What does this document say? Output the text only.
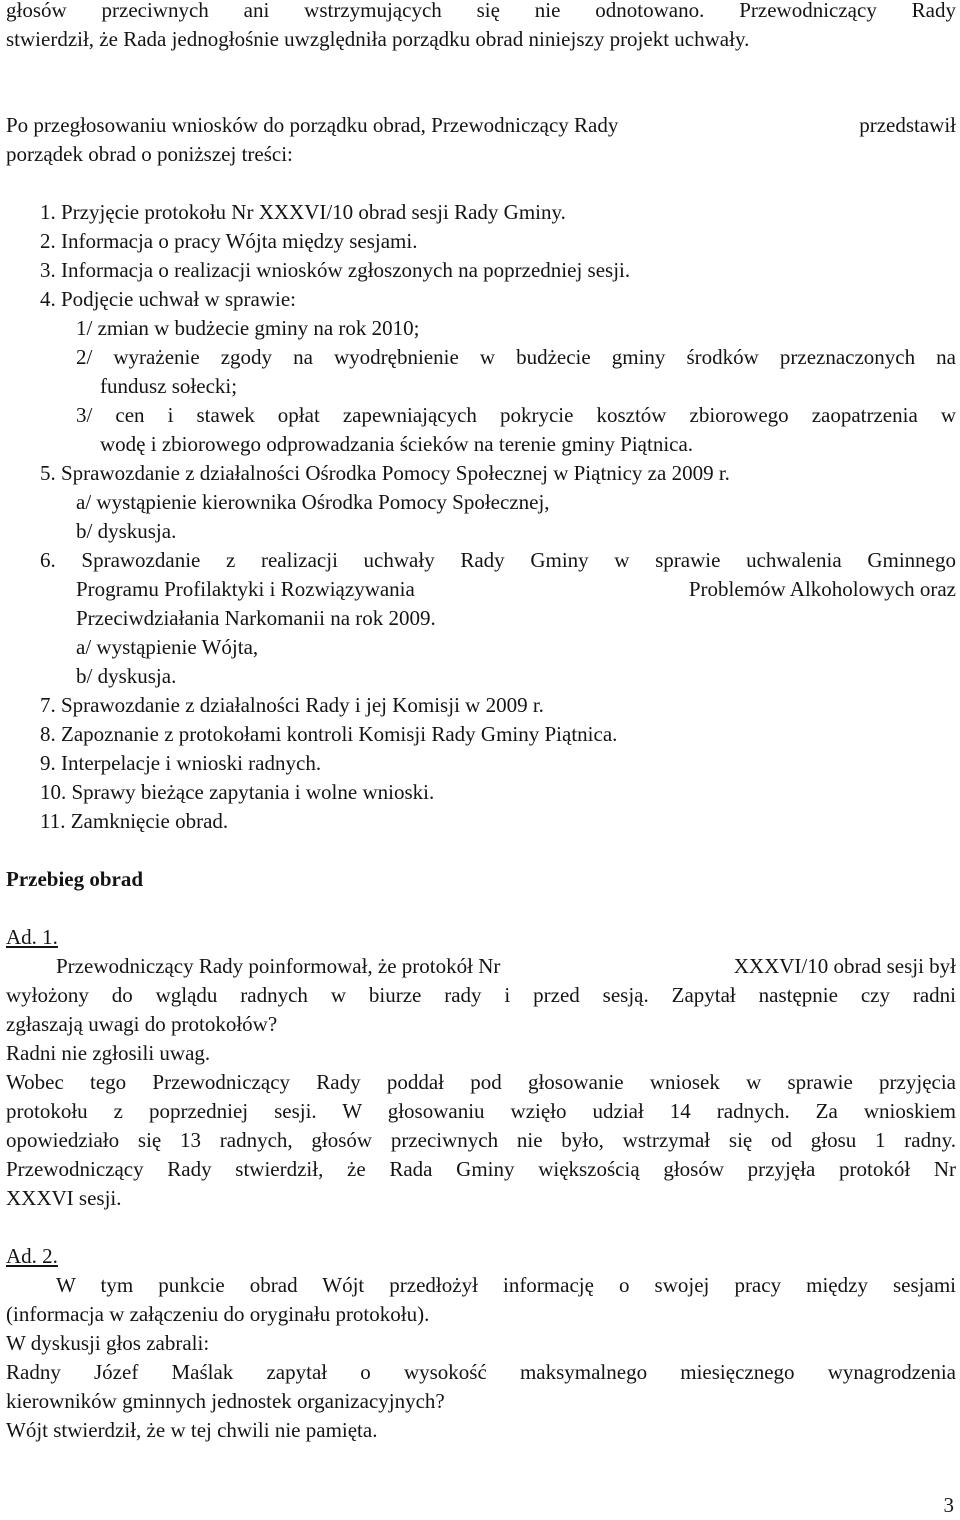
głosów przeciwnych ani wstrzymujących się nie odnotowano. Przewodniczący Rady
stwierdził, że Rada jednogłośnie uwzględniła porządku obrad niniejszy projekt uchwały.
Po przegłosowaniu wniosków do porządku obrad, Przewodniczący Rady	przedstawił
porządek obrad o poniższej treści:
1. Przyjęcie protokołu Nr XXXVI/10 obrad sesji Rady Gminy.
2. Informacja o pracy Wójta między sesjami.
3. Informacja o realizacji wniosków zgłoszonych na poprzedniej sesji.
4. Podjęcie uchwał w sprawie:
1/ zmian w budżecie gminy na rok 2010;
2/ wyrażenie zgody na wyodrębnienie w budżecie gminy środków przeznaczonych na
fundusz sołecki;
3/ cen i stawek opłat zapewniających pokrycie kosztów zbiorowego zaopatrzenia w
wodę i zbiorowego odprowadzania ścieków na terenie gminy Piątnica.
5. Sprawozdanie z działalności Ośrodka Pomocy Społecznej w Piątnicy za 2009 r.
a/ wystąpienie kierownika Ośrodka Pomocy Społecznej,
b/ dyskusja.
6. Sprawozdanie z realizacji uchwały Rady Gminy w sprawie uchwalenia Gminnego
Programu Profilaktyki i Rozwiązywania	Problemów Alkoholowych oraz
Przeciwdziałania Narkomanii na rok 2009.
a/ wystąpienie Wójta,
b/ dyskusja.
7. Sprawozdanie z działalności Rady i jej Komisji w 2009 r.
8. Zapoznanie z protokołami kontroli Komisji Rady Gminy Piątnica.
9. Interpelacje i wnioski radnych.
10. Sprawy bieżące zapytania i wolne wnioski.
11. Zamknięcie obrad.
Przebieg obrad
Ad. 1.
Przewodniczący Rady poinformował, że protokół Nr	XXXVI/10 obrad sesji był
wyłożony do wglądu radnych w biurze rady i przed sesją. Zapytał następnie czy radni
zgłaszają uwagi do protokołów?
Radni nie zgłosili uwag.
Wobec tego Przewodniczący Rady poddał pod głosowanie wniosek w sprawie przyjęcia
protokołu z poprzedniej sesji. W głosowaniu wzięło udział 14 radnych. Za wnioskiem
opowiedziało się 13 radnych, głosów przeciwnych nie było, wstrzymał się od głosu 1 radny.
Przewodniczący Rady stwierdził, że Rada Gminy większością głosów przyjęła protokół Nr
XXXVI sesji.
Ad. 2.
W tym punkcie obrad Wójt przedłożył informację o swojej pracy między sesjami
(informacja w załączeniu do oryginału protokołu).
W dyskusji głos zabrali:
Radny Józef Maślak zapytał o wysokość maksymalnego miesięcznego wynagrodzenia
kierowników gminnych jednostek organizacyjnych?
Wójt stwierdził, że w tej chwili nie pamięta.
3
